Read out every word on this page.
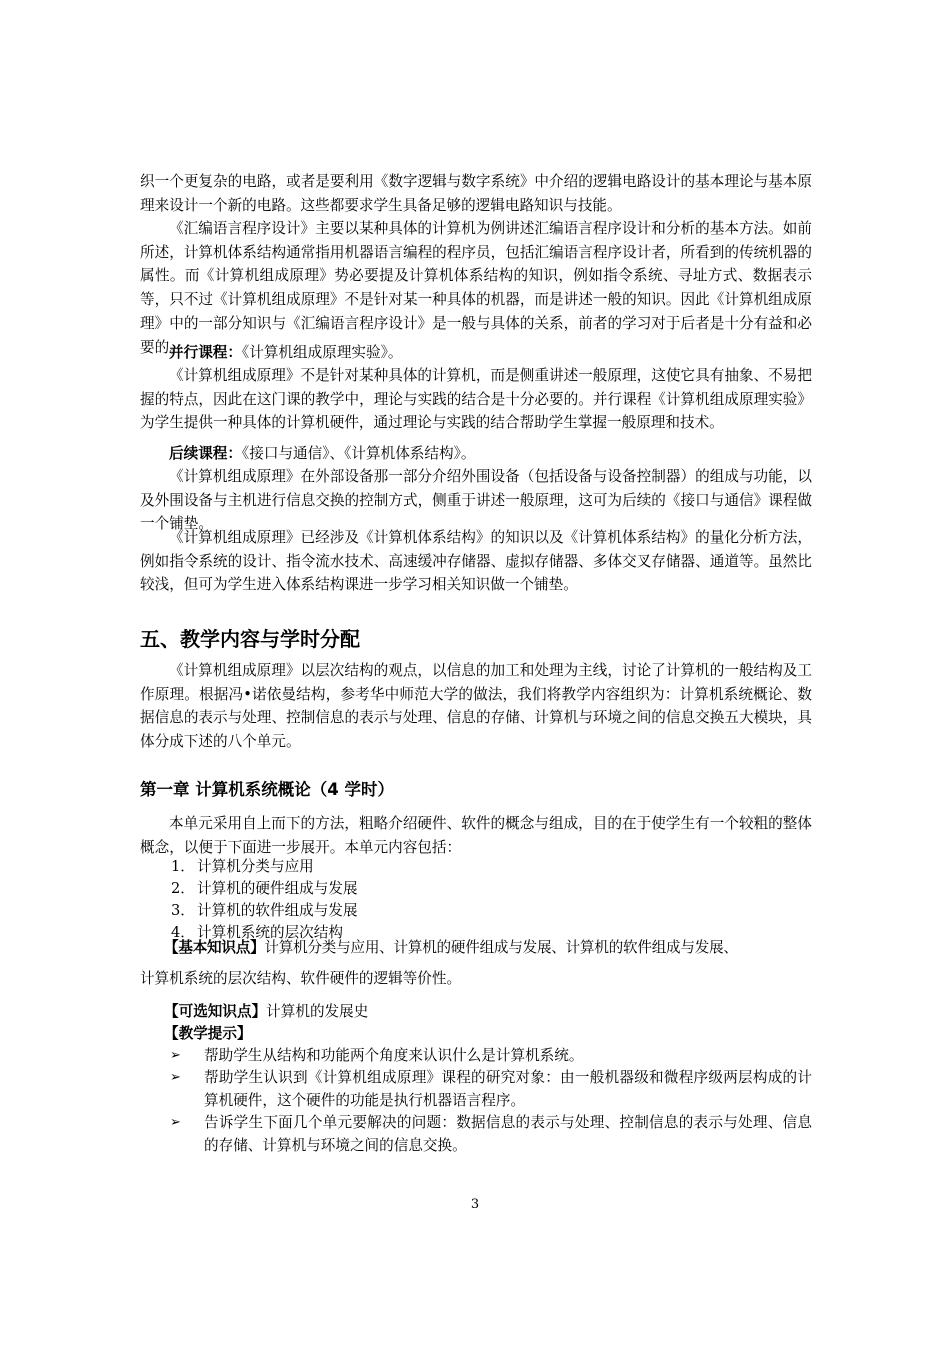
织一个更复杂的电路，或者是要利用《数字逻辑与数字系统》中介绍的逻辑电路设计的基本理论与基本原理来设计一个新的电路。这些都要求学生具备足够的逻辑电路知识与技能。

《汇编语言程序设计》主要以某种具体的计算机为例讲述汇编语言程序设计和分析的基本方法。如前所述，计算机体系结构通常指用机器语言编程的程序员，包括汇编语言程序设计者，所看到的传统机器的属性。而《计算机组成原理》势必要提及计算机体系结构的知识，例如指令系统、寻址方式、数据表示等，只不过《计算机组成原理》不是针对某一种具体的机器，而是讲述一般的知识。因此《计算机组成原理》中的一部分知识与《汇编语言程序设计》是一般与具体的关系，前者的学习对于后者是十分有益和必要的。

并行课程：《计算机组成原理实验》。

《计算机组成原理》不是针对某种具体的计算机，而是侧重讲述一般原理，这使它具有抽象、不易把握的特点，因此在这门课的教学中，理论与实践的结合是十分必要的。并行课程《计算机组成原理实验》为学生提供一种具体的计算机硬件，通过理论与实践的结合帮助学生掌握一般原理和技术。

后续课程：《接口与通信》、《计算机体系结构》。

《计算机组成原理》在外部设备那一部分介绍外围设备（包括设备与设备控制器）的组成与功能，以及外围设备与主机进行信息交换的控制方式，侧重于讲述一般原理，这可为后续的《接口与通信》课程做一个铺垫。

《计算机组成原理》已经涉及《计算机体系结构》的知识以及《计算机体系结构》的量化分析方法，例如指令系统的设计、指令流水技术、高速缓冲存储器、虚拟存储器、多体交叉存储器、通道等。虽然比较浅，但可为学生进入体系结构课进一步学习相关知识做一个铺垫。

五、教学内容与学时分配

《计算机组成原理》以层次结构的观点，以信息的加工和处理为主线，讨论了计算机的一般结构及工作原理。根据冯•诺依曼结构，参考华中师范大学的做法，我们将教学内容组织为：计算机系统概论、数据信息的表示与处理、控制信息的表示与处理、信息的存储、计算机与环境之间的信息交换五大模块，具体分成下述的八个单元。

第一章 计算机系统概论（4 学时）

本单元采用自上而下的方法，粗略介绍硬件、软件的概念与组成，目的在于使学生有一个较粗的整体概念，以便于下面进一步展开。本单元内容包括：

1． 计算机分类与应用
2． 计算机的硬件组成与发展
3． 计算机的软件组成与发展
4． 计算机系统的层次结构

【基本知识点】计算机分类与应用、计算机的硬件组成与发展、计算机的软件组成与发展、

计算机系统的层次结构、软件硬件的逻辑等价性。

【可选知识点】计算机的发展史

【教学提示】

➢ 帮助学生从结构和功能两个角度来认识什么是计算机系统。
➢ 帮助学生认识到《计算机组成原理》课程的研究对象：由一般机器级和微程序级两层构成的计算机硬件，这个硬件的功能是执行机器语言程序。
➢ 告诉学生下面几个单元要解决的问题：数据信息的表示与处理、控制信息的表示与处理、信息的存储、计算机与环境之间的信息交换。
3
